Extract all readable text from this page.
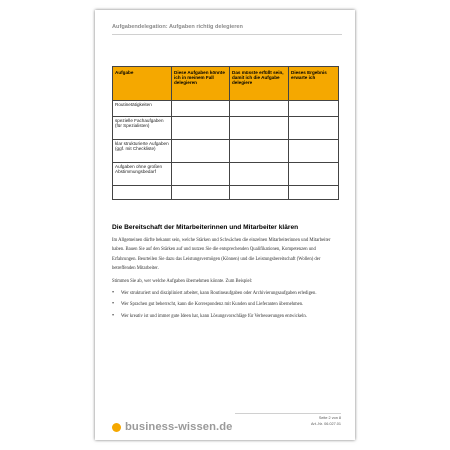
Aufgabendelegation: Aufgaben richtig delegieren
Aufgabe	Diese Aufgaben könnte ich in meinem Fall delegieren	Das müsste erfüllt sein, damit ich die Aufgabe delegiere	Dieses Ergebnis erwarte ich
Routinetätigkeiten			
spezielle Fachaufgaben (für Spezialisten)			
klar strukturierte Aufgaben (ggf. mit Checkliste)			
Aufgaben ohne großen Abstimmungsbedarf			

Die Bereitschaft der Mitarbeiterinnen und Mitarbeiter klären

Im Allgemeinen dürfte bekannt sein, welche Stärken und Schwächen die einzelnen Mitarbeiterinnen und Mitarbeiter haben. Bauen Sie auf den Stärken auf und nutzen Sie die entsprechenden Qualifikationen, Kompetenzen und Erfahrungen. Beurteilen Sie dazu das Leistungsvermögen (Können) und die Leistungsbereitschaft (Wollen) der betreffenden Mitarbeiter.

Stimmen Sie ab, wer welche Aufgaben übernehmen könnte. Zum Beispiel:

• Wer strukturiert und diszipliniert arbeitet, kann Routineaufgaben oder Archivierungsaufgaben erledigen.
• Wer Sprachen gut beherrscht, kann die Korrespondenz mit Kunden und Lieferanten übernehmen.
• Wer kreativ ist und immer gute Ideen hat, kann Lösungsvorschläge für Verbesserungen entwickeln.
business-wissen.de
Seite 2 von 8
Art.-Nr. 06.027.01
